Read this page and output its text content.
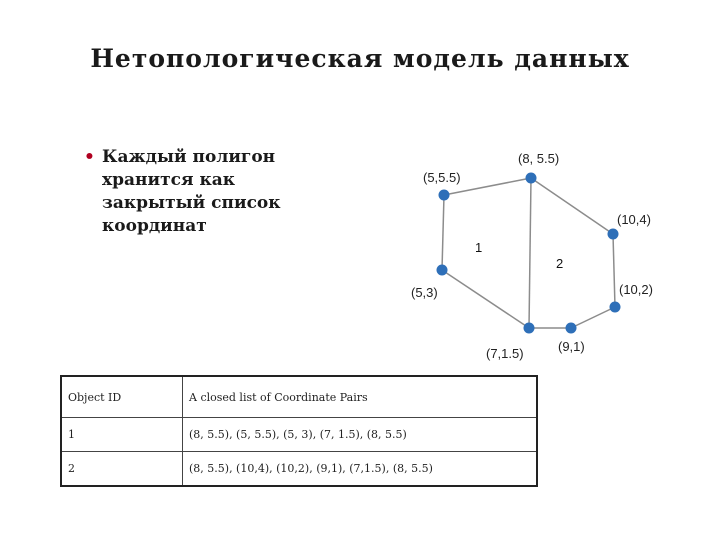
Нетопологическая модель данных
• Каждый полигон
хранится как
закрытый список
координат
(8, 5.5)
(5,5.5)
(10,4)
(5,3)	(10,2)
(9,1)
(7,1.5)
1
2
Object ID	A closed list of Coordinate Pairs
1	(8, 5.5), (5, 5.5), (5, 3), (7, 1.5), (8, 5.5)
2	(8, 5.5), (10,4), (10,2), (9,1), (7,1.5), (8, 5.5)
